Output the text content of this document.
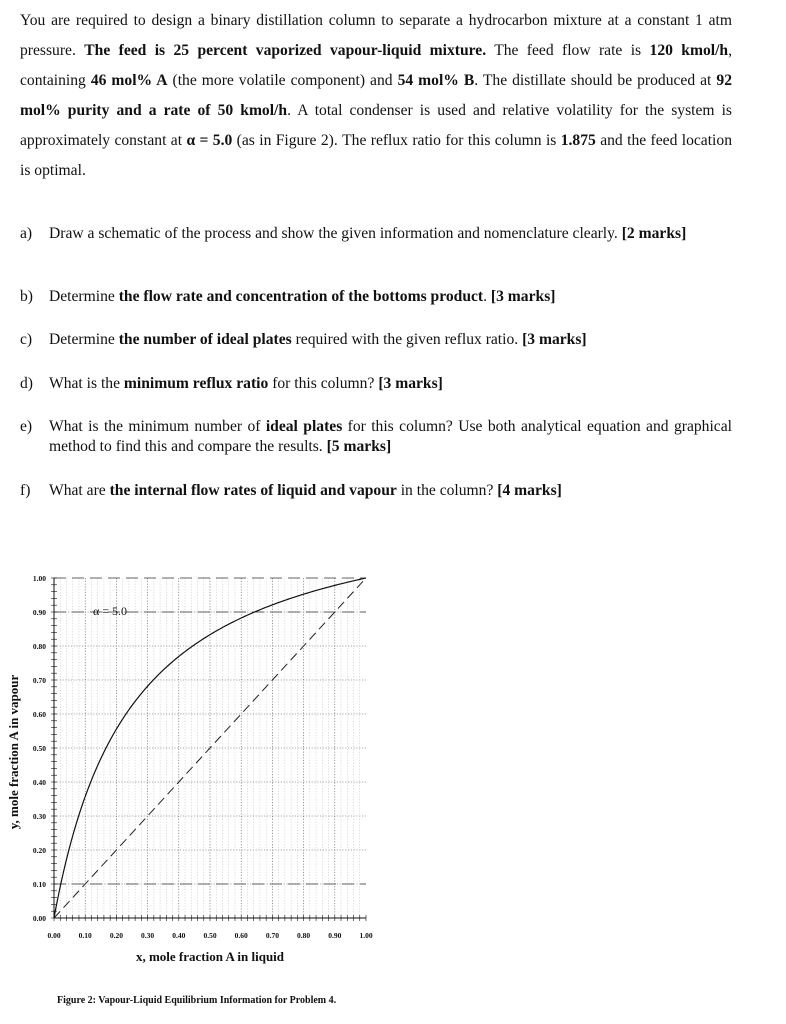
You are required to design a binary distillation column to separate a hydrocarbon mixture at a constant 1 atm pressure. The feed is 25 percent vaporized vapour-liquid mixture. The feed flow rate is 120 kmol/h, containing 46 mol% A (the more volatile component) and 54 mol% B. The distillate should be produced at 92 mol% purity and a rate of 50 kmol/h. A total condenser is used and relative volatility for the system is approximately constant at α = 5.0 (as in Figure 2). The reflux ratio for this column is 1.875 and the feed location is optimal.

a) Draw a schematic of the process and show the given information and nomenclature clearly. [2 marks]
b) Determine the flow rate and concentration of the bottoms product. [3 marks]
c) Determine the number of ideal plates required with the given reflux ratio. [3 marks]
d) What is the minimum reflux ratio for this column? [3 marks]
e) What is the minimum number of ideal plates for this column? Use both analytical equation and graphical method to find this and compare the results. [5 marks]
f) What are the internal flow rates of liquid and vapour in the column? [4 marks]
0.00 0.10 0.20 0.30 0.40 0.50 0.60 0.70 0.80 0.90 1.00
0.00
0.10
0.20
0.30
0.40
0.50
0.60
0.70
0.80
0.90
1.00
x, mole fraction A in liquid
y, mole fraction A in vapour
Figure 2: Vapour-Liquid Equilibrium Information for Problem 4.
α = 5.0
